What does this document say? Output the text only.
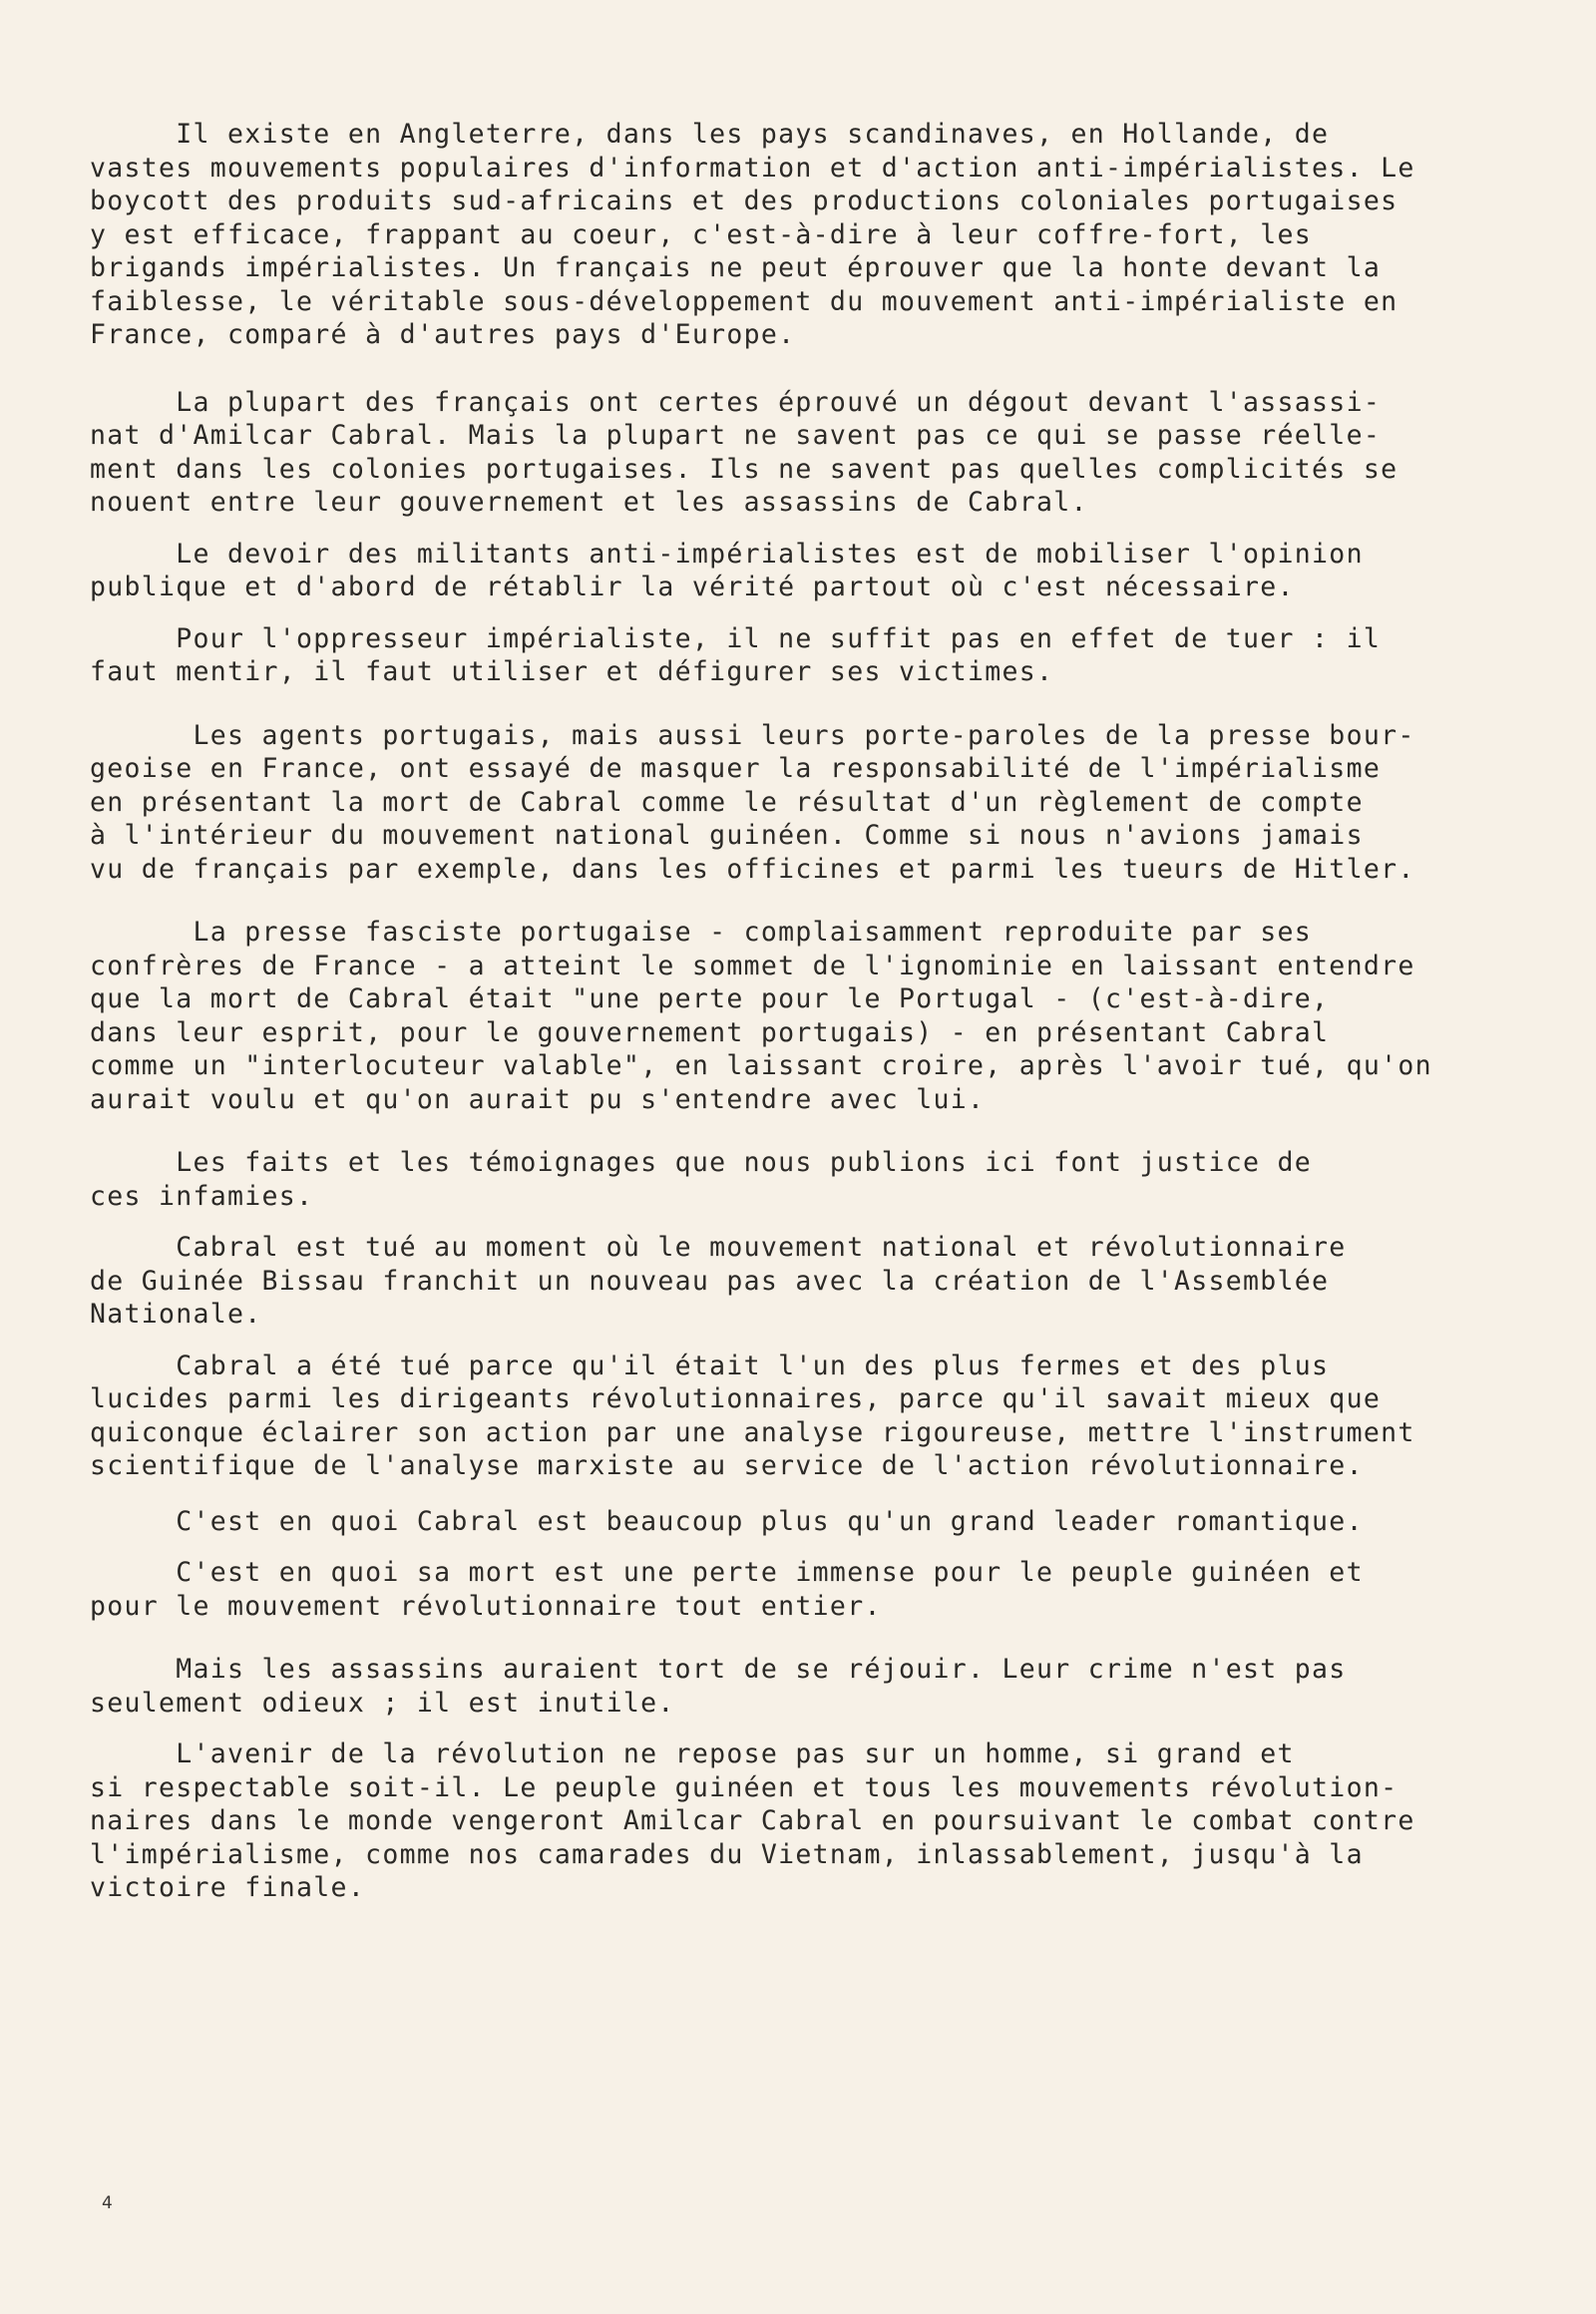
Il existe en Angleterre, dans les pays scandinaves, en Hollande, de
vastes mouvements populaires d'information et d'action anti-impérialistes. Le
boycott des produits sud-africains et des productions coloniales portugaises
y est efficace, frappant au coeur, c'est-à-dire à leur coffre-fort, les
brigands impérialistes. Un français ne peut éprouver que la honte devant la
faiblesse, le véritable sous-développement du mouvement anti-impérialiste en
France, comparé à d'autres pays d'Europe.
La plupart des français ont certes éprouvé un dégout devant l'assassi-
nat d'Amilcar Cabral. Mais la plupart ne savent pas ce qui se passe réelle-
ment dans les colonies portugaises. Ils ne savent pas quelles complicités se
nouent entre leur gouvernement et les assassins de Cabral.
Le devoir des militants anti-impérialistes est de mobiliser l'opinion
publique et d'abord de rétablir la vérité partout où c'est nécessaire.
Pour l'oppresseur impérialiste, il ne suffit pas en effet de tuer : il
faut mentir, il faut utiliser et défigurer ses victimes.
Les agents portugais, mais aussi leurs porte-paroles de la presse bour-
geoise en France, ont essayé de masquer la responsabilité de l'impérialisme
en présentant la mort de Cabral comme le résultat d'un règlement de compte
à l'intérieur du mouvement national guinéen. Comme si nous n'avions jamais
vu de français par exemple, dans les officines et parmi les tueurs de Hitler.
La presse fasciste portugaise - complaisamment reproduite par ses
confrères de France - a atteint le sommet de l'ignominie en laissant entendre
que la mort de Cabral était "une perte pour le Portugal - (c'est-à-dire,
dans leur esprit, pour le gouvernement portugais) - en présentant Cabral
comme un "interlocuteur valable", en laissant croire, après l'avoir tué, qu'on
aurait voulu et qu'on aurait pu s'entendre avec lui.
Les faits et les témoignages que nous publions ici font justice de
ces infamies.
Cabral est tué au moment où le mouvement national et révolutionnaire
de Guinée Bissau franchit un nouveau pas avec la création de l'Assemblée
Nationale.
Cabral a été tué parce qu'il était l'un des plus fermes et des plus
lucides parmi les dirigeants révolutionnaires, parce qu'il savait mieux que
quiconque éclairer son action par une analyse rigoureuse, mettre l'instrument
scientifique de l'analyse marxiste au service de l'action révolutionnaire.
C'est en quoi Cabral est beaucoup plus qu'un grand leader romantique.
C'est en quoi sa mort est une perte immense pour le peuple guinéen et
pour le mouvement révolutionnaire tout entier.
Mais les assassins auraient tort de se réjouir. Leur crime n'est pas
seulement odieux ; il est inutile.
L'avenir de la révolution ne repose pas sur un homme, si grand et
si respectable soit-il. Le peuple guinéen et tous les mouvements révolution-
naires dans le monde vengeront Amilcar Cabral en poursuivant le combat contre
l'impérialisme, comme nos camarades du Vietnam, inlassablement, jusqu'à la
victoire finale.
4
